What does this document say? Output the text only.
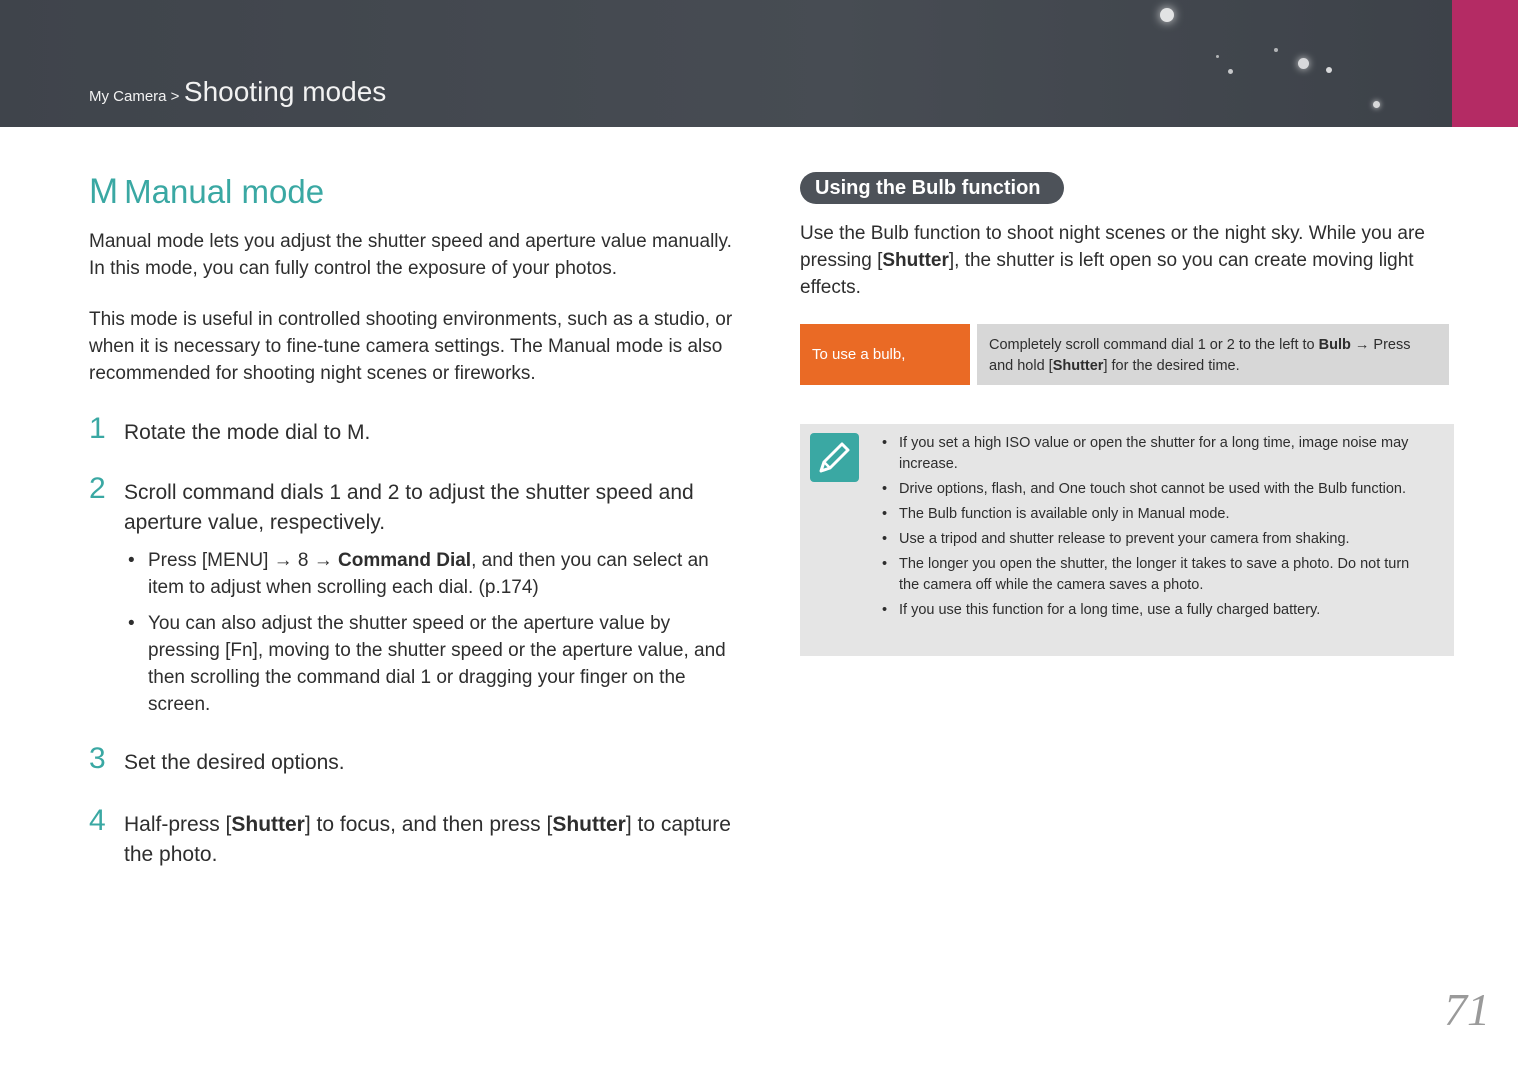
My Camera > Shooting modes
M Manual mode
Manual mode lets you adjust the shutter speed and aperture value manually. In this mode, you can fully control the exposure of your photos.
This mode is useful in controlled shooting environments, such as a studio, or when it is necessary to fine-tune camera settings. The Manual mode is also recommended for shooting night scenes or fireworks.
1 Rotate the mode dial to M.
2 Scroll command dials 1 and 2 to adjust the shutter speed and aperture value, respectively.
• Press [MENU] → 8 → Command Dial, and then you can select an item to adjust when scrolling each dial. (p.174)
• You can also adjust the shutter speed or the aperture value by pressing [Fn], moving to the shutter speed or the aperture value, and then scrolling the command dial 1 or dragging your finger on the screen.
3 Set the desired options.
4 Half-press [Shutter] to focus, and then press [Shutter] to capture the photo.
Using the Bulb function
Use the Bulb function to shoot night scenes or the night sky. While you are pressing [Shutter], the shutter is left open so you can create moving light effects.
To use a bulb,
Completely scroll command dial 1 or 2 to the left to Bulb → Press and hold [Shutter] for the desired time.
• If you set a high ISO value or open the shutter for a long time, image noise may increase.
• Drive options, flash, and One touch shot cannot be used with the Bulb function.
• The Bulb function is available only in Manual mode.
• Use a tripod and shutter release to prevent your camera from shaking.
• The longer you open the shutter, the longer it takes to save a photo. Do not turn the camera off while the camera saves a photo.
• If you use this function for a long time, use a fully charged battery.
71
